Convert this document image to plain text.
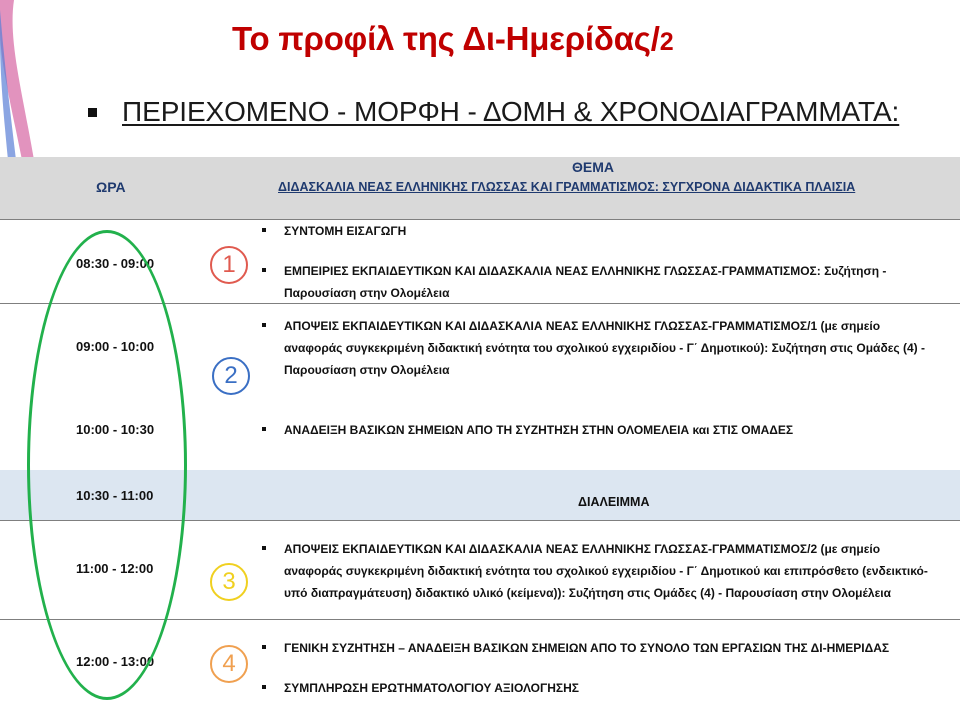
Το προφίλ της Δι-Ημερίδας/2
ΠΕΡΙΕΧΟΜΕΝΟ - ΜΟΡΦΗ - ΔΟΜΗ & ΧΡΟΝΟΔΙΑΓΡΑΜΜΑΤΑ:
ΩΡΑ
ΘΕΜΑ
ΔΙΔΑΣΚΑΛΙΑ ΝΕΑΣ ΕΛΛΗΝΙΚΗΣ ΓΛΩΣΣΑΣ ΚΑΙ ΓΡΑΜΜΑΤΙΣΜΟΣ: ΣΥΓΧΡΟΝΑ ΔΙΔΑΚΤΙΚΑ ΠΛΑΙΣΙΑ
ΔΙΑΛΕΙΜΜΑ
08:30 - 09:00
09:00 - 10:00
10:00 - 10:30
10:30 - 11:00
11:00 - 12:00
12:00 - 13:00
ΣΥΝΤΟΜΗ ΕΙΣΑΓΩΓΗ
ΕΜΠΕΙΡΙΕΣ ΕΚΠΑΙΔΕΥΤΙΚΩΝ ΚΑΙ ΔΙΔΑΣΚΑΛΙΑ ΝΕΑΣ ΕΛΛΗΝΙΚΗΣ ΓΛΩΣΣΑΣ-ΓΡΑΜΜΑΤΙΣΜΟΣ: Συζήτηση - Παρουσίαση στην Ολομέλεια
ΑΠΟΨΕΙΣ ΕΚΠΑΙΔΕΥΤΙΚΩΝ ΚΑΙ ΔΙΔΑΣΚΑΛΙΑ ΝΕΑΣ ΕΛΛΗΝΙΚΗΣ ΓΛΩΣΣΑΣ-ΓΡΑΜΜΑΤΙΣΜΟΣ/1 (με σημείο αναφοράς συγκεκριμένη διδακτική ενότητα του σχολικού εγχειριδίου - Γ΄ Δημοτικού): Συζήτηση στις Ομάδες (4) - Παρουσίαση στην Ολομέλεια
ΑΝΑΔΕΙΞΗ ΒΑΣΙΚΩΝ ΣΗΜΕΙΩΝ ΑΠΟ ΤΗ ΣΥΖΗΤΗΣΗ ΣΤΗΝ ΟΛΟΜΕΛΕΙΑ και ΣΤΙΣ ΟΜΑΔΕΣ
ΑΠΟΨΕΙΣ ΕΚΠΑΙΔΕΥΤΙΚΩΝ ΚΑΙ ΔΙΔΑΣΚΑΛΙΑ ΝΕΑΣ ΕΛΛΗΝΙΚΗΣ ΓΛΩΣΣΑΣ-ΓΡΑΜΜΑΤΙΣΜΟΣ/2 (με σημείο αναφοράς συγκεκριμένη διδακτική ενότητα του σχολικού εγχειριδίου - Γ΄ Δημοτικού και επιπρόσθετο (ενδεικτικό-υπό διαπραγμάτευση) διδακτικό υλικό (κείμενα)): Συζήτηση στις Ομάδες (4) - Παρουσίαση στην Ολομέλεια
ΓΕΝΙΚΗ ΣΥΖΗΤΗΣΗ – ΑΝΑΔΕΙΞΗ ΒΑΣΙΚΩΝ ΣΗΜΕΙΩΝ ΑΠΟ ΤΟ ΣΥΝΟΛΟ ΤΩΝ ΕΡΓΑΣΙΩΝ ΤΗΣ ΔΙ-ΗΜΕΡΙΔΑΣ
ΣΥΜΠΛΗΡΩΣΗ ΕΡΩΤΗΜΑΤΟΛΟΓΙΟΥ ΑΞΙΟΛΟΓΗΣΗΣ
1
2
3
4
